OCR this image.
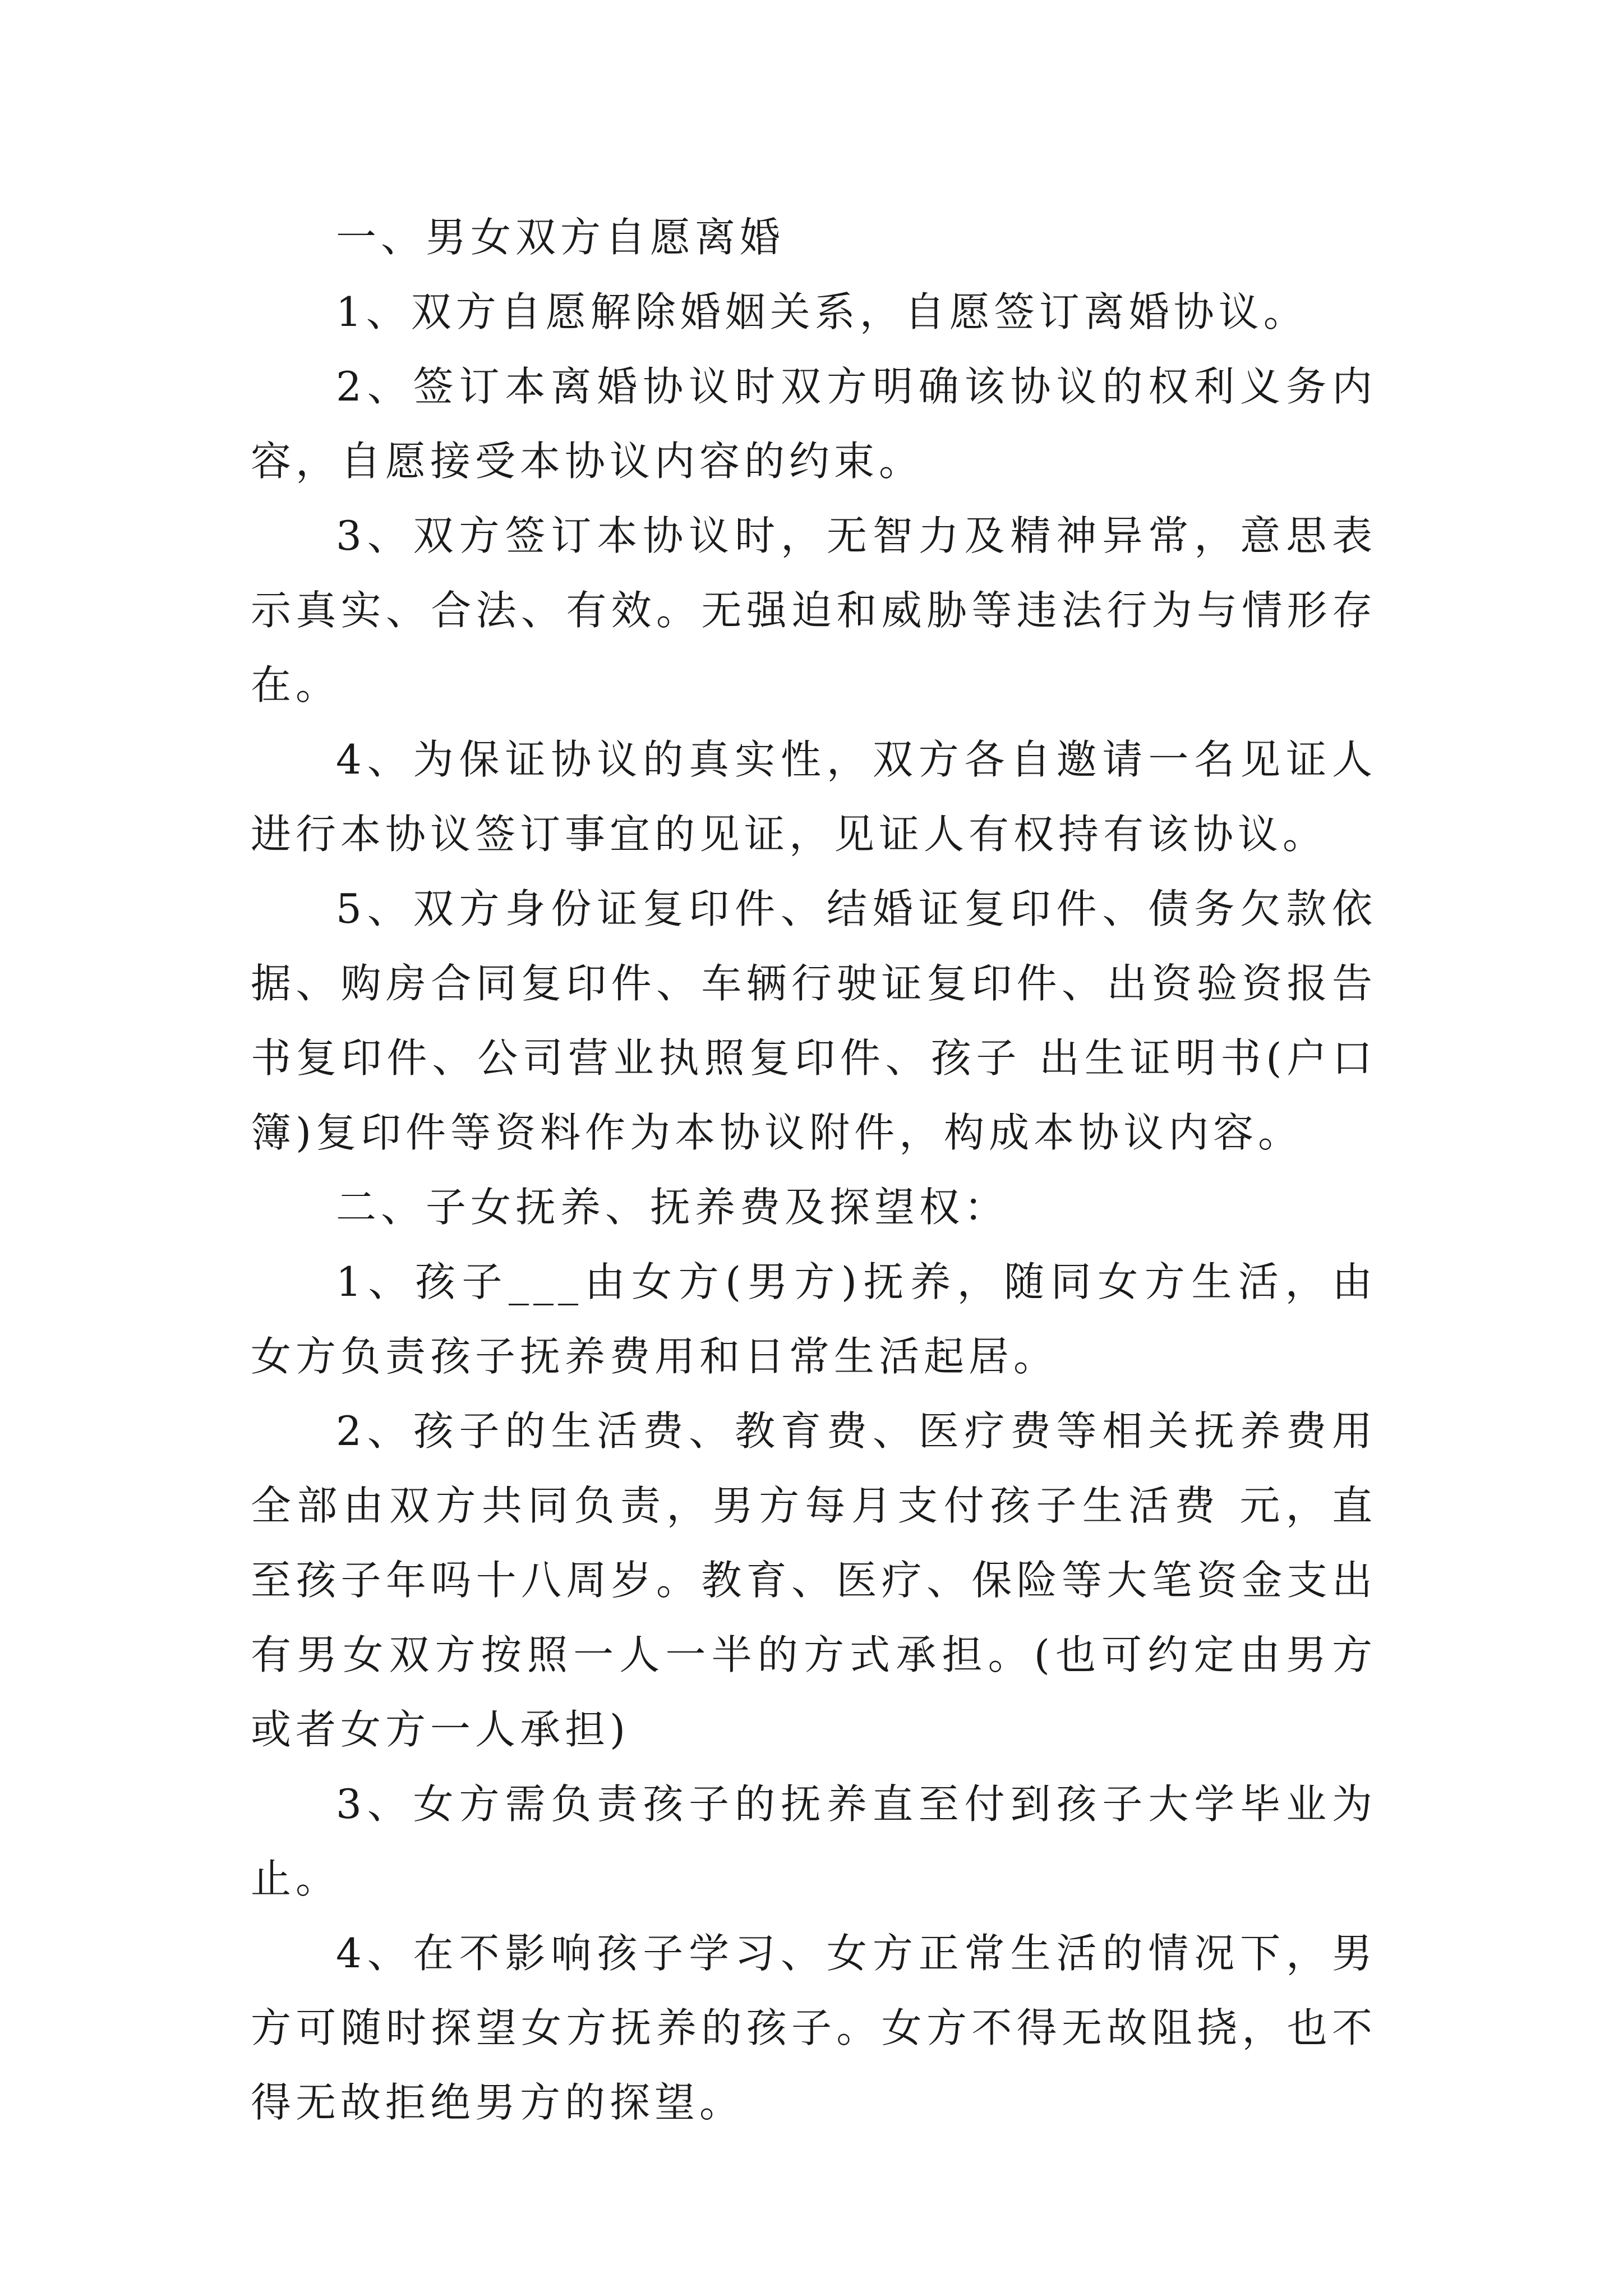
一、男女双方自愿离婚

1、双方自愿解除婚姻关系，自愿签订离婚协议。

2、签订本离婚协议时双方明确该协议的权利义务内容，自愿接受本协议内容的约束。

3、双方签订本协议时，无智力及精神异常，意思表示真实、合法、有效。无强迫和威胁等违法行为与情形存在。

4、为保证协议的真实性，双方各自邀请一名见证人进行本协议签订事宜的见证，见证人有权持有该协议。

5、双方身份证复印件、结婚证复印件、债务欠款依据、购房合同复印件、车辆行驶证复印件、出资验资报告书复印件、公司营业执照复印件、孩子 出生证明书(户口簿)复印件等资料作为本协议附件，构成本协议内容。

二、子女抚养、抚养费及探望权：

1、孩子___由女方(男方)抚养，随同女方生活，由女方负责孩子抚养费用和日常生活起居。

2、孩子的生活费、教育费、医疗费等相关抚养费用全部由双方共同负责，男方每月支付孩子生活费 元，直至孩子年吗十八周岁。教育、医疗、保险等大笔资金支出有男女双方按照一人一半的方式承担。(也可约定由男方或者女方一人承担)

3、女方需负责孩子的抚养直至付到孩子大学毕业为止。

4、在不影响孩子学习、女方正常生活的情况下，男方可随时探望女方抚养的孩子。女方不得无故阻挠，也不得无故拒绝男方的探望。
